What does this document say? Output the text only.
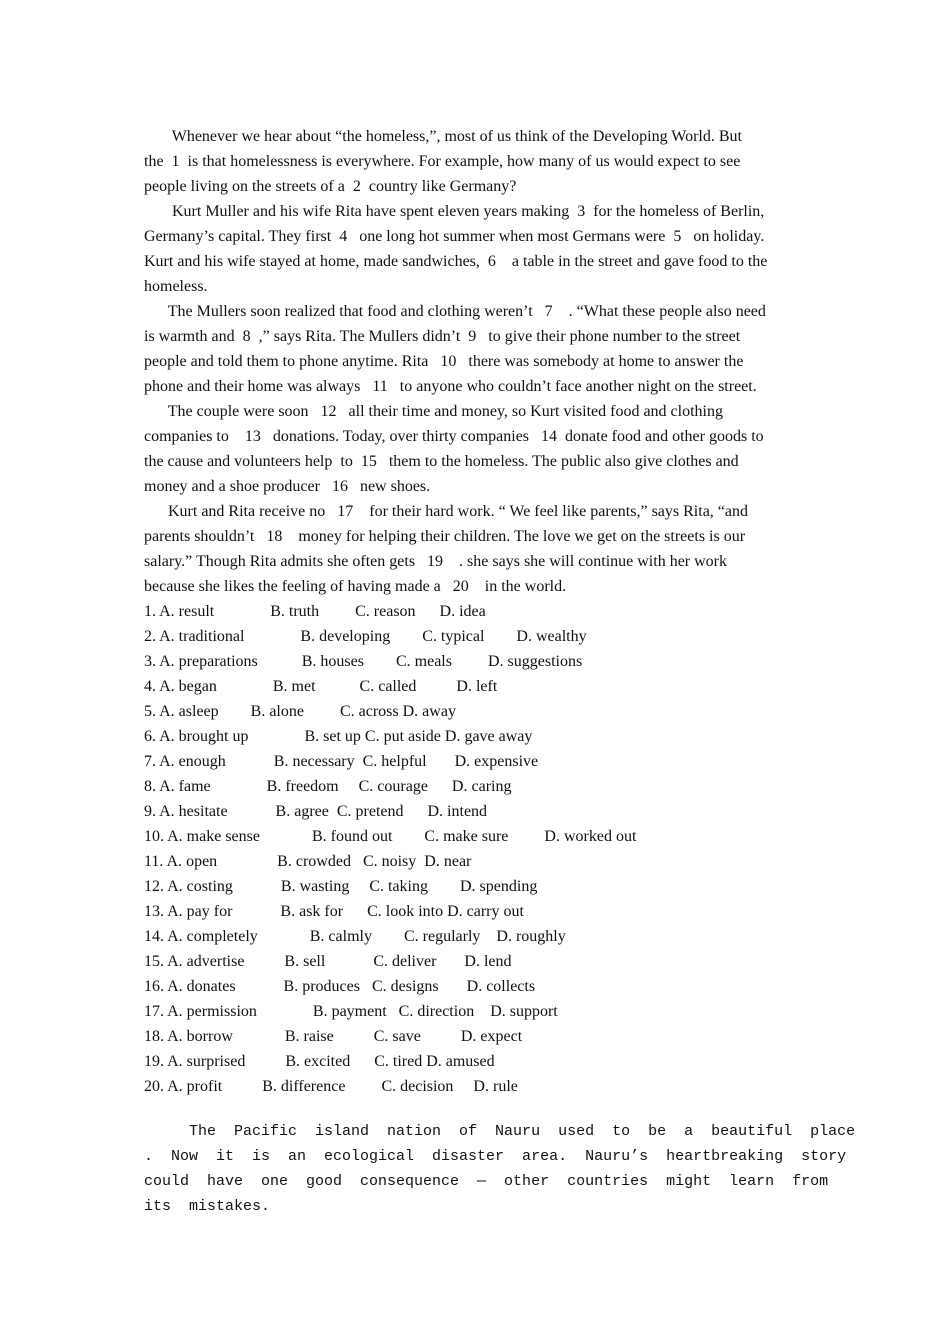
Whenever we hear about “the homeless,”, most of us think of the Developing World. But
the  1  is that homelessness is everywhere. For example, how many of us would expect to see
people living on the streets of a  2  country like Germany?
Kurt Muller and his wife Rita have spent eleven years making  3  for the homeless of Berlin,
Germany’s capital. They first  4   one long hot summer when most Germans were  5   on holiday.
Kurt and his wife stayed at home, made sandwiches,  6    a table in the street and gave food to the
homeless.
The Mullers soon realized that food and clothing weren’t   7    . “What these people also need
is warmth and  8  ,” says Rita. The Mullers didn’t  9   to give their phone number to the street
people and told them to phone anytime. Rita   10   there was somebody at home to answer the
phone and their home was always   11   to anyone who couldn’t face another night on the street.
The couple were soon   12   all their time and money, so Kurt visited food and clothing
companies to    13   donations. Today, over thirty companies   14  donate food and other goods to
the cause and volunteers help  to  15   them to the homeless. The public also give clothes and
money and a shoe producer   16   new shoes.
Kurt and Rita receive no   17    for their hard work. “ We feel like parents,” says Rita, “and
parents shouldn’t   18    money for helping their children. The love we get on the streets is our
salary.” Though Rita admits she often gets   19    . she says she will continue with her work
because she likes the feeling of having made a   20    in the world.
1. A. result              B. truth         C. reason      D. idea
2. A. traditional              B. developing        C. typical        D. wealthy
3. A. preparations           B. houses        C. meals         D. suggestions
4. A. began              B. met           C. called          D. left
5. A. asleep        B. alone         C. across D. away
6. A. brought up              B. set up C. put aside D. gave away
7. A. enough            B. necessary  C. helpful       D. expensive
8. A. fame              B. freedom     C. courage      D. caring
9. A. hesitate            B. agree  C. pretend      D. intend
10. A. make sense             B. found out        C. make sure         D. worked out
11. A. open               B. crowded   C. noisy  D. near
12. A. costing            B. wasting     C. taking        D. spending
13. A. pay for            B. ask for      C. look into D. carry out
14. A. completely             B. calmly        C. regularly    D. roughly
15. A. advertise          B. sell            C. deliver       D. lend
16. A. donates            B. produces   C. designs       D. collects
17. A. permission              B. payment   C. direction    D. support
18. A. borrow             B. raise          C. save          D. expect
19. A. surprised          B. excited      C. tired D. amused
20. A. profit          B. difference         C. decision     D. rule
The  Pacific  island  nation  of  Nauru  used  to  be  a  beautiful  place
.  Now  it  is  an  ecological  disaster  area.  Nauru’s  heartbreaking  story
could  have  one  good  consequence  —  other  countries  might  learn  from
its  mistakes.
